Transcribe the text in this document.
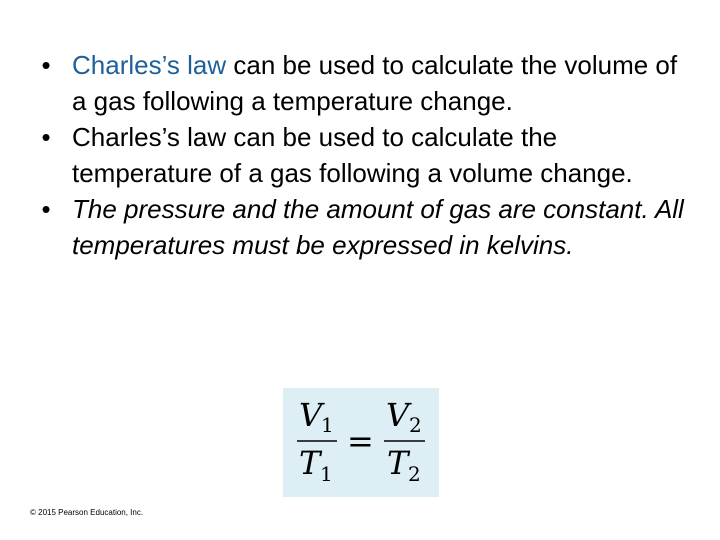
• Charles’s law can be used to calculate the volume of a gas following a temperature change.
• Charles’s law can be used to calculate the temperature of a gas following a volume change.
• The pressure and the amount of gas are constant. All temperatures must be expressed in kelvins.
V
1
T 1
=
V 2
T 2
© 2015 Pearson Education, Inc.
